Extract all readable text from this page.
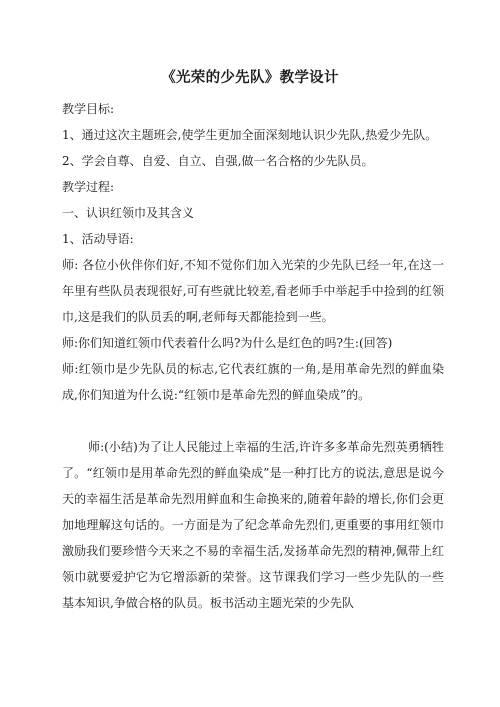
《光荣的少先队》教学设计

教学目标:

1、通过这次主题班会,使学生更加全面深刻地认识少先队,热爱少先队。

2、学会自尊、自爱、自立、自强,做一名合格的少先队员。

教学过程:

一、认识红领巾及其含义

1、活动导语:

师: 各位小伙伴你们好,不知不觉你们加入光荣的少先队已经一年,在这一年里有些队员表现很好,可有些就比较差,看老师手中举起手中捡到的红领巾,这是我们的队员丢的啊,老师每天都能捡到一些。

师:你们知道红领巾代表着什么吗?为什么是红色的吗?生:(回答)

师:红领巾是少先队员的标志,它代表红旗的一角,是用革命先烈的鲜血染成,你们知道为什么说:“红领巾是革命先烈的鲜血染成”的。

师:(小结)为了让人民能过上幸福的生活,许许多多革命先烈英勇牺牲了。“红领巾是用革命先烈的鲜血染成”是一种打比方的说法,意思是说今天的幸福生活是革命先烈用鲜血和生命换来的,随着年龄的增长,你们会更加地理解这句话的。一方面是为了纪念革命先烈们,更重要的事用红领巾激励我们要珍惜今天来之不易的幸福生活,发扬革命先烈的精神,佩带上红领巾就要爱护它为它增添新的荣誉。这节课我们学习一些少先队的一些基本知识,争做合格的队员。板书活动主题光荣的少先队
